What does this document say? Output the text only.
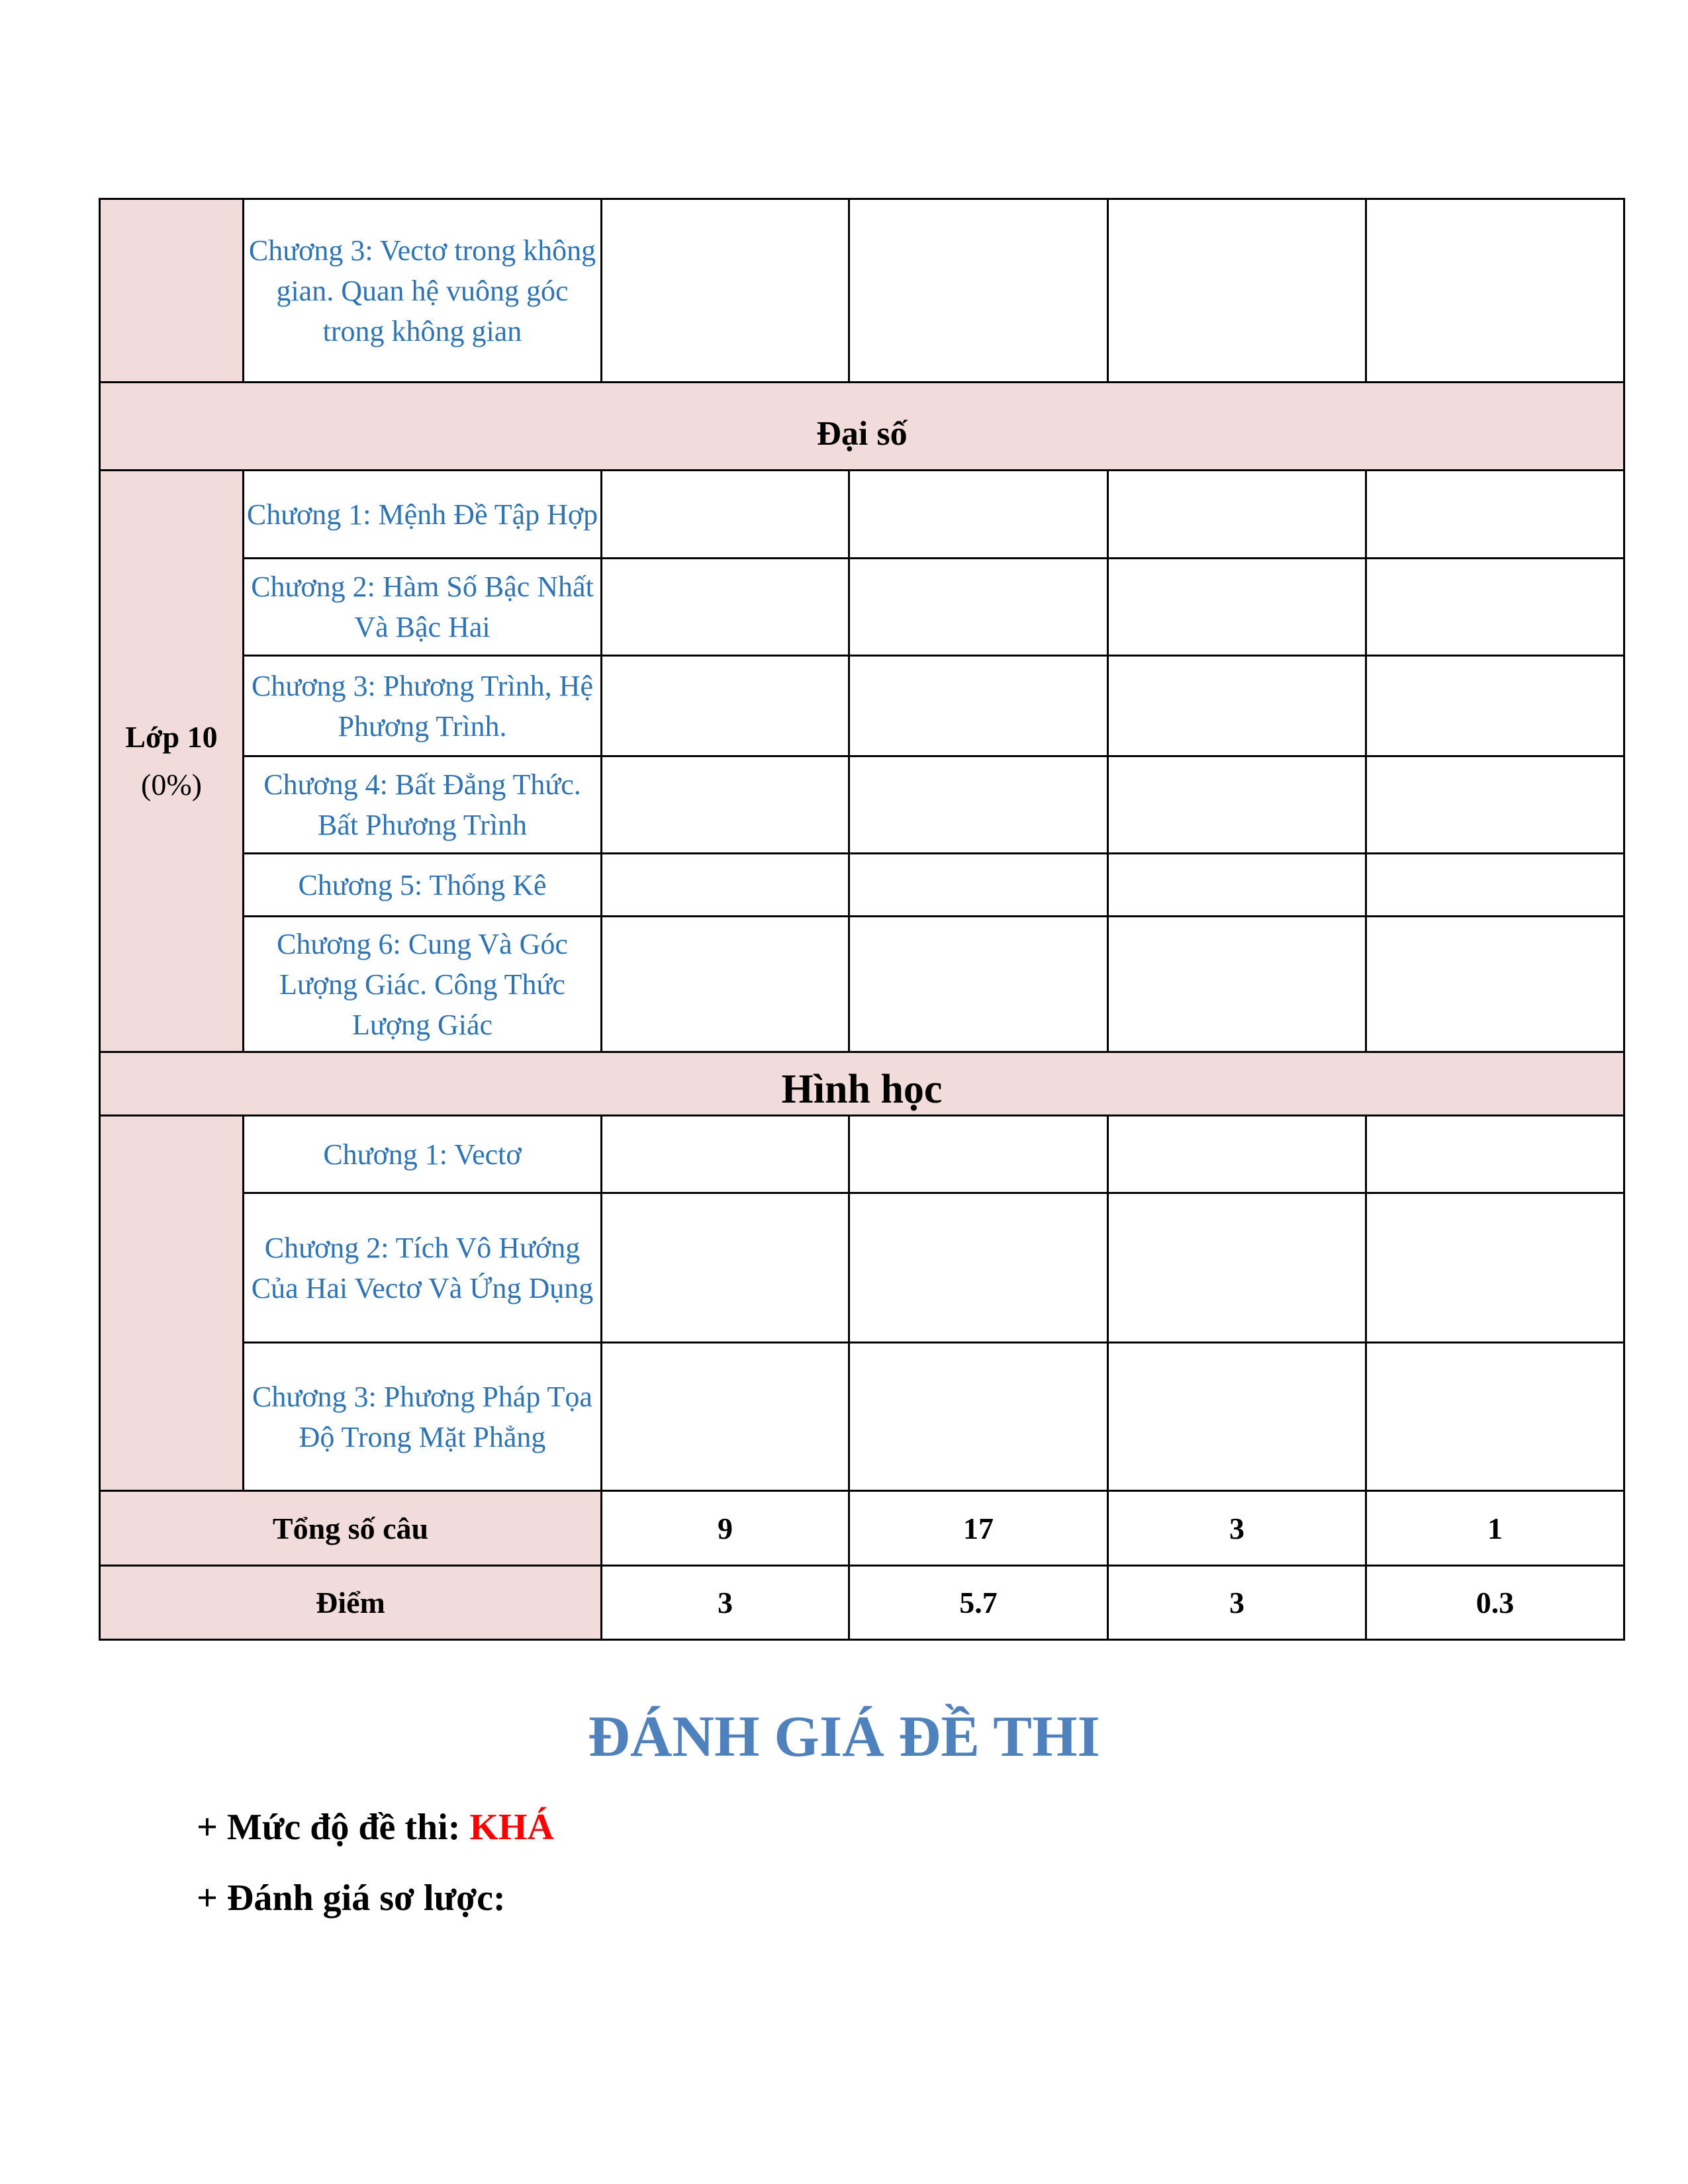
	Chương 3: Vectơ trong không gian. Quan hệ vuông góc trong không gian				
Đại số					

Lớp 10
(0%)	Chương 1: Mệnh Đề Tập Hợp				
	Chương 2: Hàm Số Bậc Nhất Và Bậc Hai				
	Chương 3: Phương Trình, Hệ Phương Trình.				
	Chương 4: Bất Đẳng Thức. Bất Phương Trình				
	Chương 5: Thống Kê				
	Chương 6: Cung Và Góc Lượng Giác. Công Thức Lượng Giác				
Hình học					
	Chương 1: Vectơ				
	Chương 2: Tích Vô Hướng Của Hai Vectơ Và Ứng Dụng				
	Chương 3: Phương Pháp Tọa Độ Trong Mặt Phẳng				
Tổng số câu		9	17	3	1
Điểm		3	5.7	3	0.3
ĐÁNH GIÁ ĐỀ THI
+ Mức độ đề thi: KHÁ
+ Đánh giá sơ lược:
